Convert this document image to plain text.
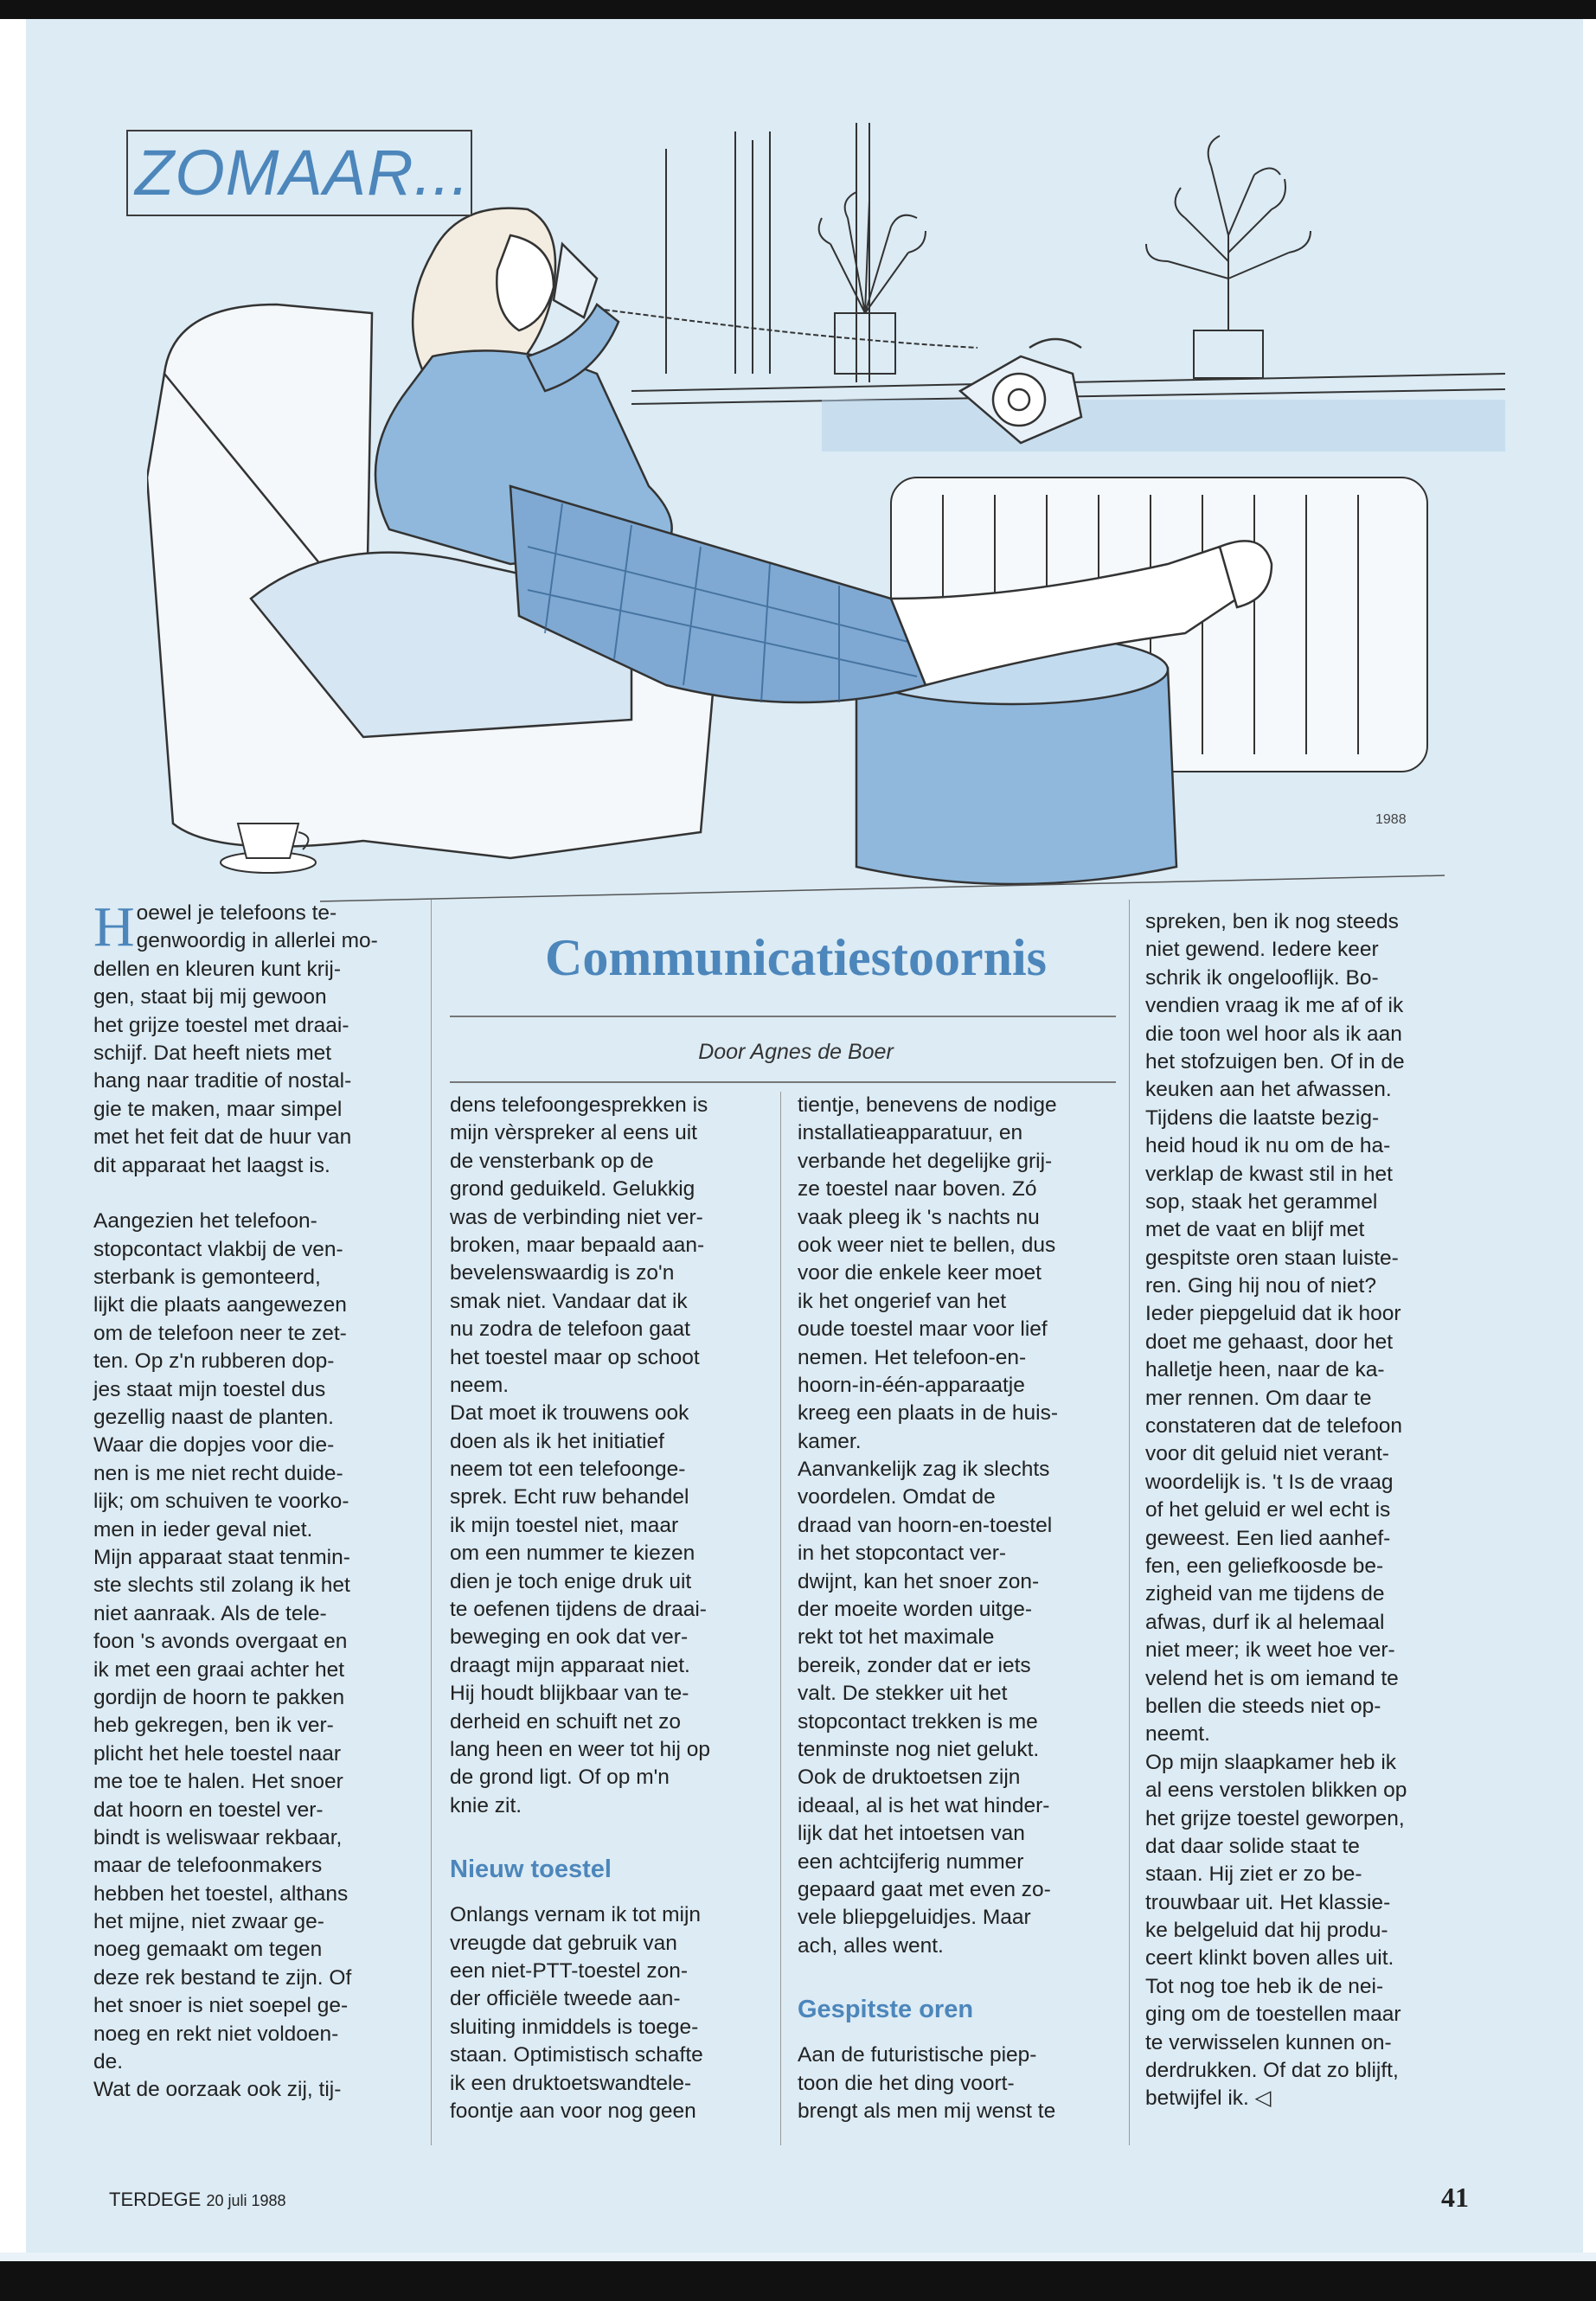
1988
ZOMAAR...
H oewel je telefoons te-
genwoordig in allerlei mo-
dellen en kleuren kunt krij-
gen, staat bij mij gewoon
het grijze toestel met draai-
schijf. Dat heeft niets met
hang naar traditie of nostal-
gie te maken, maar simpel
met het feit dat de huur van
dit apparaat het laagst is.
Aangezien het telefoon-
stopcontact vlakbij de ven-
sterbank is gemonteerd,
lijkt die plaats aangewezen
om de telefoon neer te zet-
ten. Op z'n rubberen dop-
jes staat mijn toestel dus
gezellig naast de planten.
Waar die dopjes voor die-
nen is me niet recht duide-
lijk; om schuiven te voorko-
men in ieder geval niet.
Mijn apparaat staat tenmin-
ste slechts stil zolang ik het
niet aanraak. Als de tele-
foon 's avonds overgaat en
ik met een graai achter het
gordijn de hoorn te pakken
heb gekregen, ben ik ver-
plicht het hele toestel naar
me toe te halen. Het snoer
dat hoorn en toestel ver-
bindt is weliswaar rekbaar,
maar de telefoonmakers
hebben het toestel, althans
het mijne, niet zwaar ge-
noeg gemaakt om tegen
deze rek bestand te zijn. Of
het snoer is niet soepel ge-
noeg en rekt niet voldoen-
de.
Wat de oorzaak ook zij, tij-
Communicatiestoornis
Door Agnes de Boer
dens telefoongesprekken is
mijn vèrspreker al eens uit
de vensterbank op de
grond geduikeld. Gelukkig
was de verbinding niet ver-
broken, maar bepaald aan-
bevelenswaardig is zo'n
smak niet. Vandaar dat ik
nu zodra de telefoon gaat
het toestel maar op schoot
neem.
Dat moet ik trouwens ook
doen als ik het initiatief
neem tot een telefoonge-
sprek. Echt ruw behandel
ik mijn toestel niet, maar
om een nummer te kiezen
dien je toch enige druk uit
te oefenen tijdens de draai-
beweging en ook dat ver-
draagt mijn apparaat niet.
Hij houdt blijkbaar van te-
derheid en schuift net zo
lang heen en weer tot hij op
de grond ligt. Of op m'n
knie zit.
Nieuw toestel
Onlangs vernam ik tot mijn
vreugde dat gebruik van
een niet-PTT-toestel zon-
der officiële tweede aan-
sluiting inmiddels is toege-
staan. Optimistisch schafte
ik een druktoetswandtele-
foontje aan voor nog geen
tientje, benevens de nodige
installatieapparatuur, en
verbande het degelijke grij-
ze toestel naar boven. Zó
vaak pleeg ik 's nachts nu
ook weer niet te bellen, dus
voor die enkele keer moet
ik het ongerief van het
oude toestel maar voor lief
nemen. Het telefoon-en-
hoorn-in-één-apparaatje
kreeg een plaats in de huis-
kamer.
Aanvankelijk zag ik slechts
voordelen. Omdat de
draad van hoorn-en-toestel
in het stopcontact ver-
dwijnt, kan het snoer zon-
der moeite worden uitge-
rekt tot het maximale
bereik, zonder dat er iets
valt. De stekker uit het
stopcontact trekken is me
tenminste nog niet gelukt.
Ook de druktoetsen zijn
ideaal, al is het wat hinder-
lijk dat het intoetsen van
een achtcijferig nummer
gepaard gaat met even zo-
vele bliepgeluidjes. Maar
ach, alles went.
Gespitste oren
Aan de futuristische piep-
toon die het ding voort-
brengt als men mij wenst te
spreken, ben ik nog steeds
niet gewend. Iedere keer
schrik ik ongelooflijk. Bo-
vendien vraag ik me af of ik
die toon wel hoor als ik aan
het stofzuigen ben. Of in de
keuken aan het afwassen.
Tijdens die laatste bezig-
heid houd ik nu om de ha-
verklap de kwast stil in het
sop, staak het gerammel
met de vaat en blijf met
gespitste oren staan luiste-
ren. Ging hij nou of niet?
Ieder piepgeluid dat ik hoor
doet me gehaast, door het
halletje heen, naar de ka-
mer rennen. Om daar te
constateren dat de telefoon
voor dit geluid niet verant-
woordelijk is. 't Is de vraag
of het geluid er wel echt is
geweest. Een lied aanhef-
fen, een geliefkoosde be-
zigheid van me tijdens de
afwas, durf ik al helemaal
niet meer; ik weet hoe ver-
velend het is om iemand te
bellen die steeds niet op-
neemt.
Op mijn slaapkamer heb ik
al eens verstolen blikken op
het grijze toestel geworpen,
dat daar solide staat te
staan. Hij ziet er zo be-
trouwbaar uit. Het klassie-
ke belgeluid dat hij produ-
ceert klinkt boven alles uit.
Tot nog toe heb ik de nei-
ging om de toestellen maar
te verwisselen kunnen on-
derdrukken. Of dat zo blijft,
betwijfel ik. ◁
TERDEGE 20 juli 1988	41
